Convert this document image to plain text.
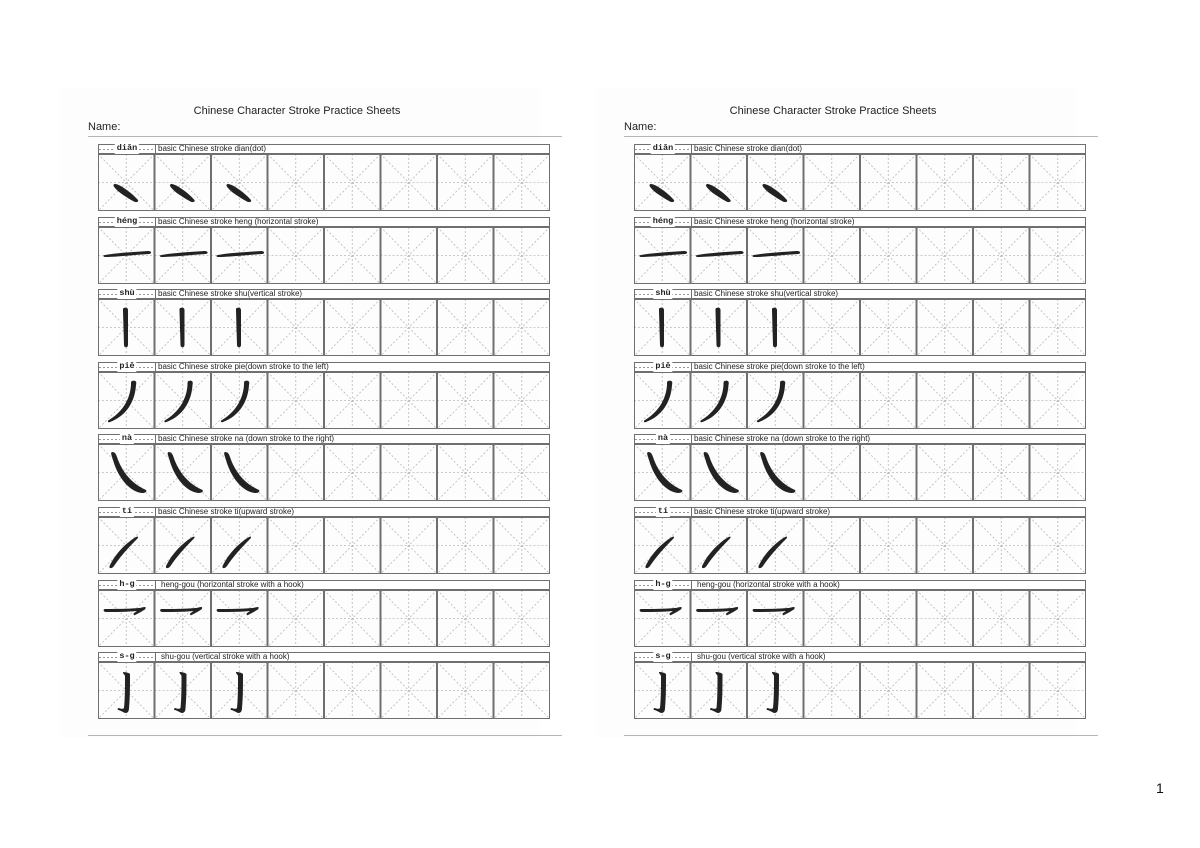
Chinese Character Stroke Practice Sheets
Name:
diǎn	basic Chinese stroke dian(dot)
héng	basic Chinese stroke heng (horizontal stroke)
shù	basic Chinese stroke shu(vertical stroke)
piě	basic Chinese stroke pie(down stroke to the left)
nà	basic Chinese stroke na (down stroke to the right)
tí	basic Chinese stroke ti(upward stroke)
h-g	heng-gou (horizontal stroke with a hook)
s-g	shu-gou (vertical stroke with a hook)
Chinese Character Stroke Practice Sheets
Name:
diǎn	basic Chinese stroke dian(dot)
héng	basic Chinese stroke heng (horizontal stroke)
shù	basic Chinese stroke shu(vertical stroke)
piě	basic Chinese stroke pie(down stroke to the left)
nà	basic Chinese stroke na (down stroke to the right)
tí	basic Chinese stroke ti(upward stroke)
h-g	heng-gou (horizontal stroke with a hook)
s-g	shu-gou (vertical stroke with a hook)
1
